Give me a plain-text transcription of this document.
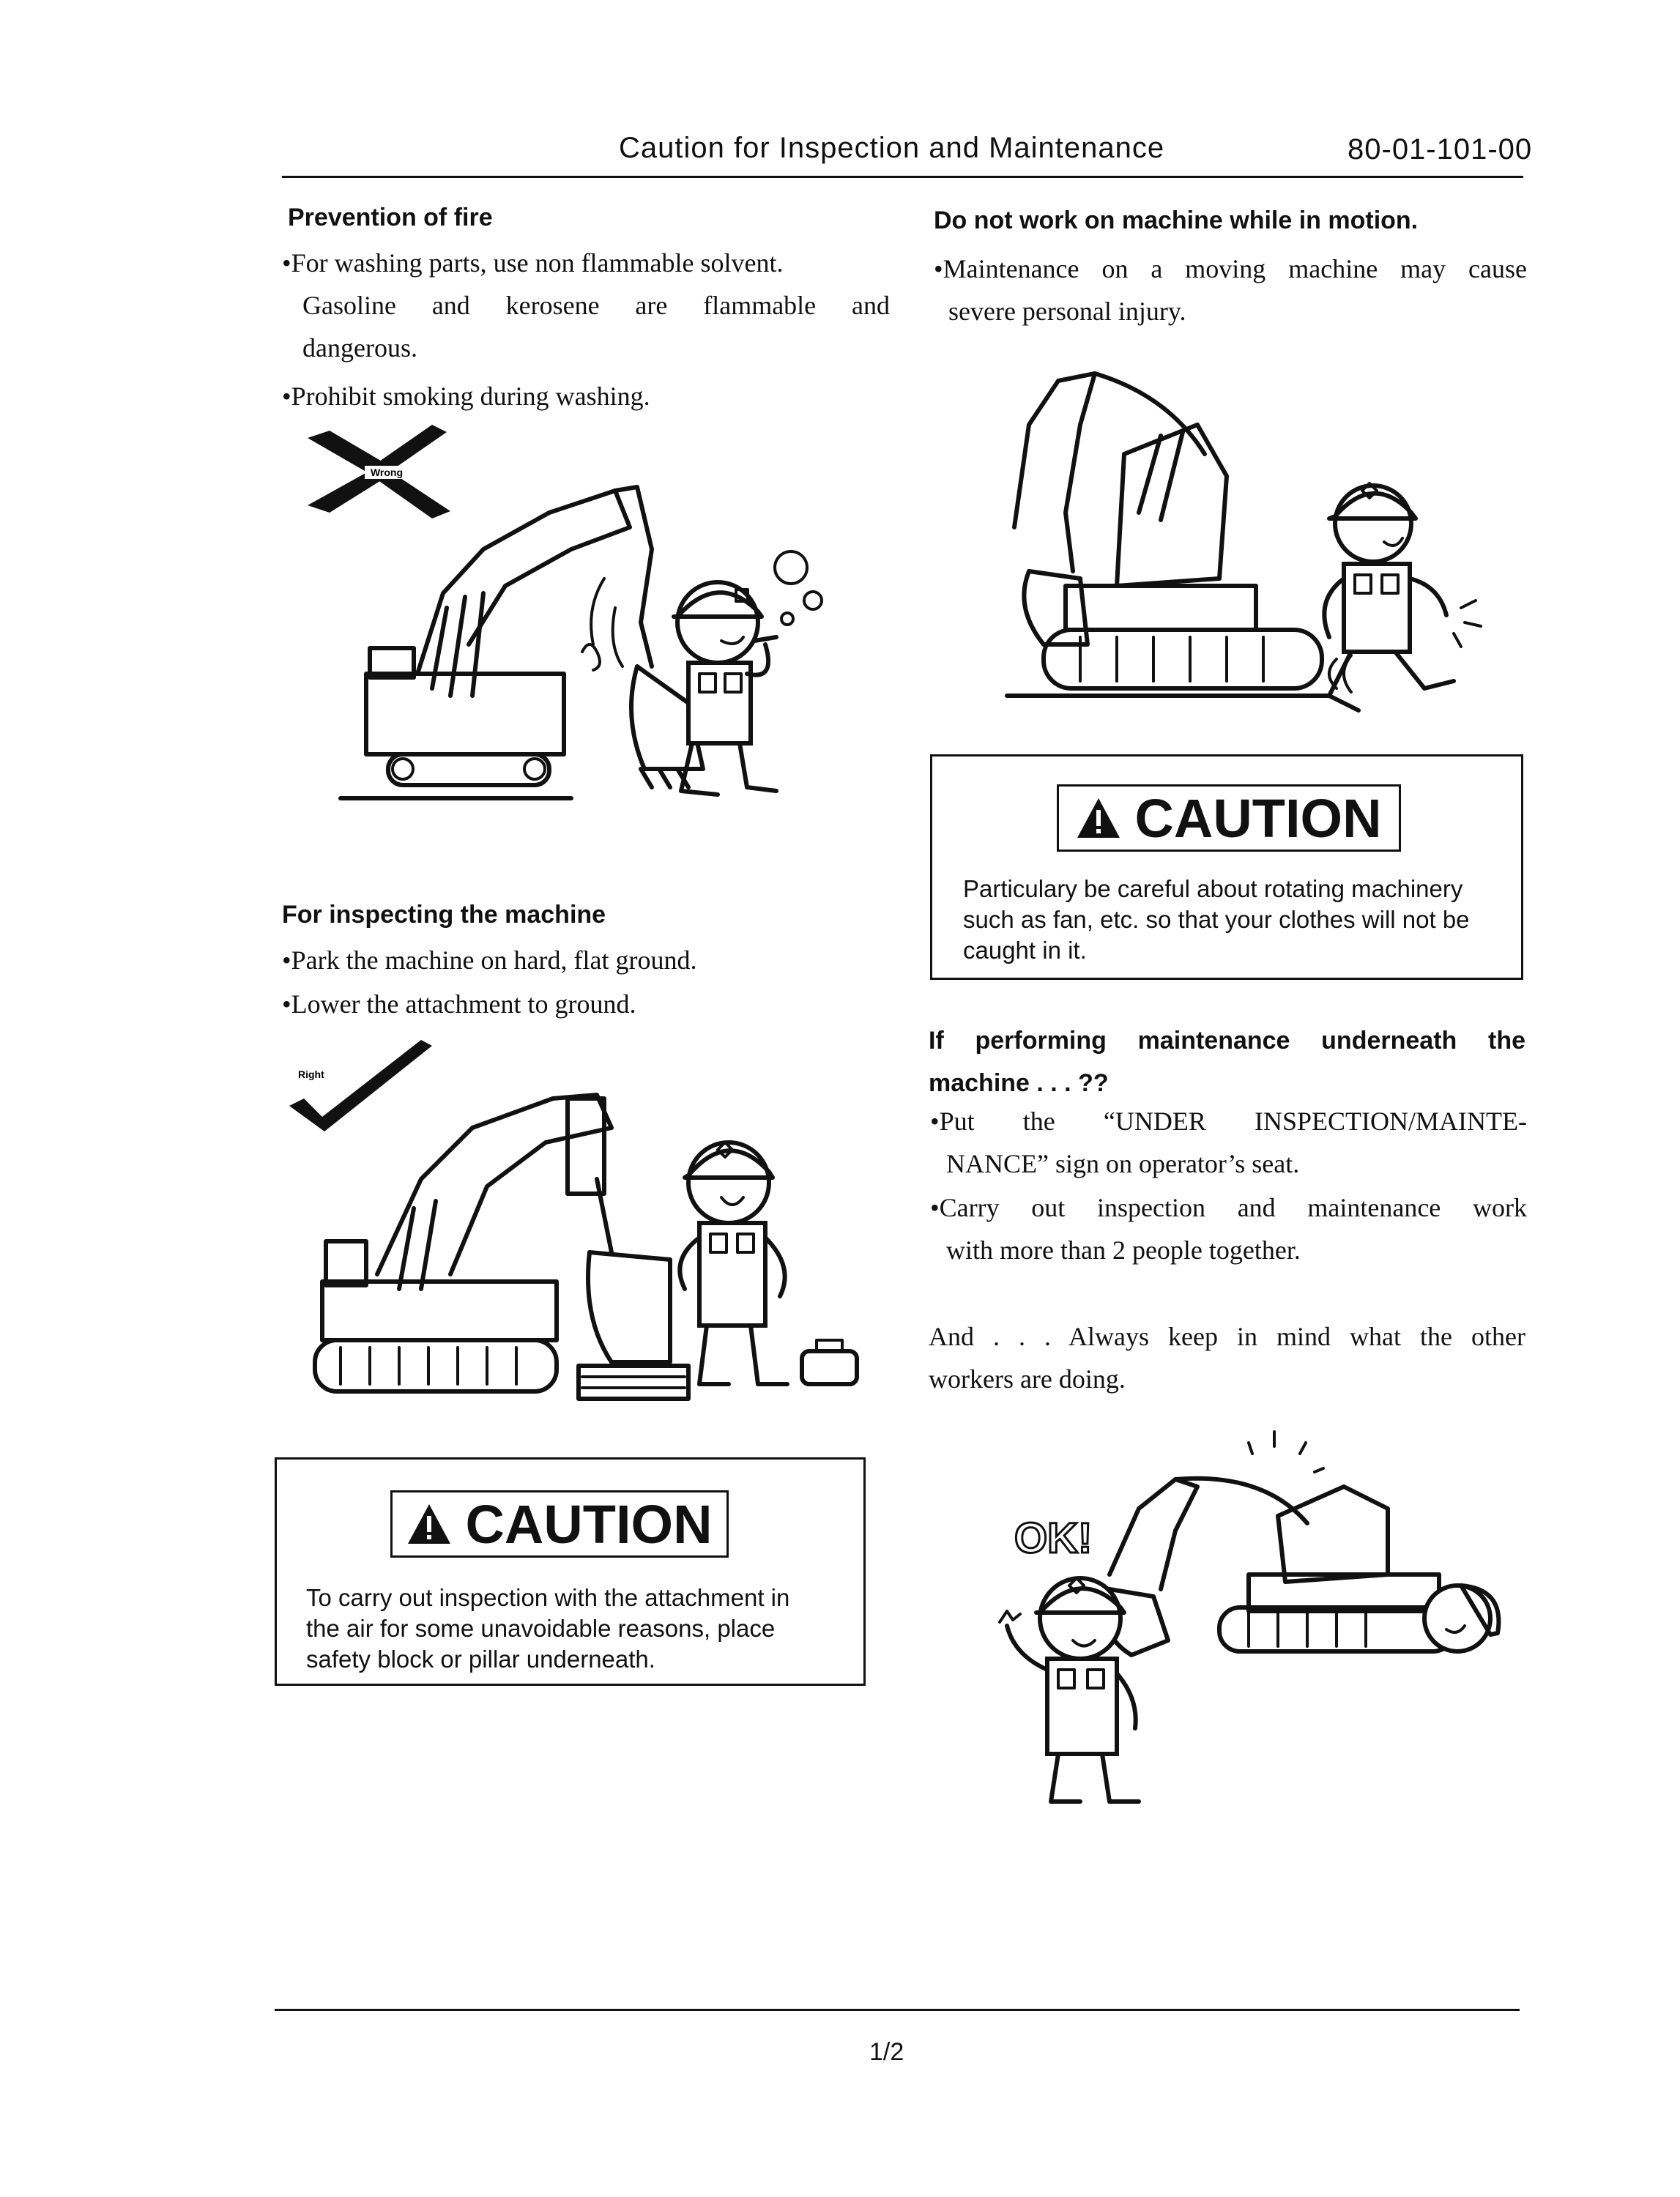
Caution for Inspection and Maintenance	80-01-101-00
Prevention of fire
•For washing parts, use non flammable solvent.
Gasoline and kerosene are flammable and
dangerous.
•Prohibit smoking during washing.
Wrong
For inspecting the machine
•Park the machine on hard, flat ground.
•Lower the attachment to ground.
Right
CAUTION
To carry out inspection with the attachment in
the air for some unavoidable reasons, place
safety block or pillar underneath.
Do not work on machine while in motion.
•Maintenance on a moving machine may cause
severe personal injury.
CAUTION
Particulary be careful about rotating machinery
such as fan, etc. so that your clothes will not be
caught in it.
If performing maintenance underneath the
machine . . . ??
•Put the “UNDER INSPECTION/MAINTE-
NANCE” sign on operator’s seat.
•Carry out inspection and maintenance work
with more than 2 people together.
And . . . Always keep in mind what the other
workers are doing.
OK!
1/2
